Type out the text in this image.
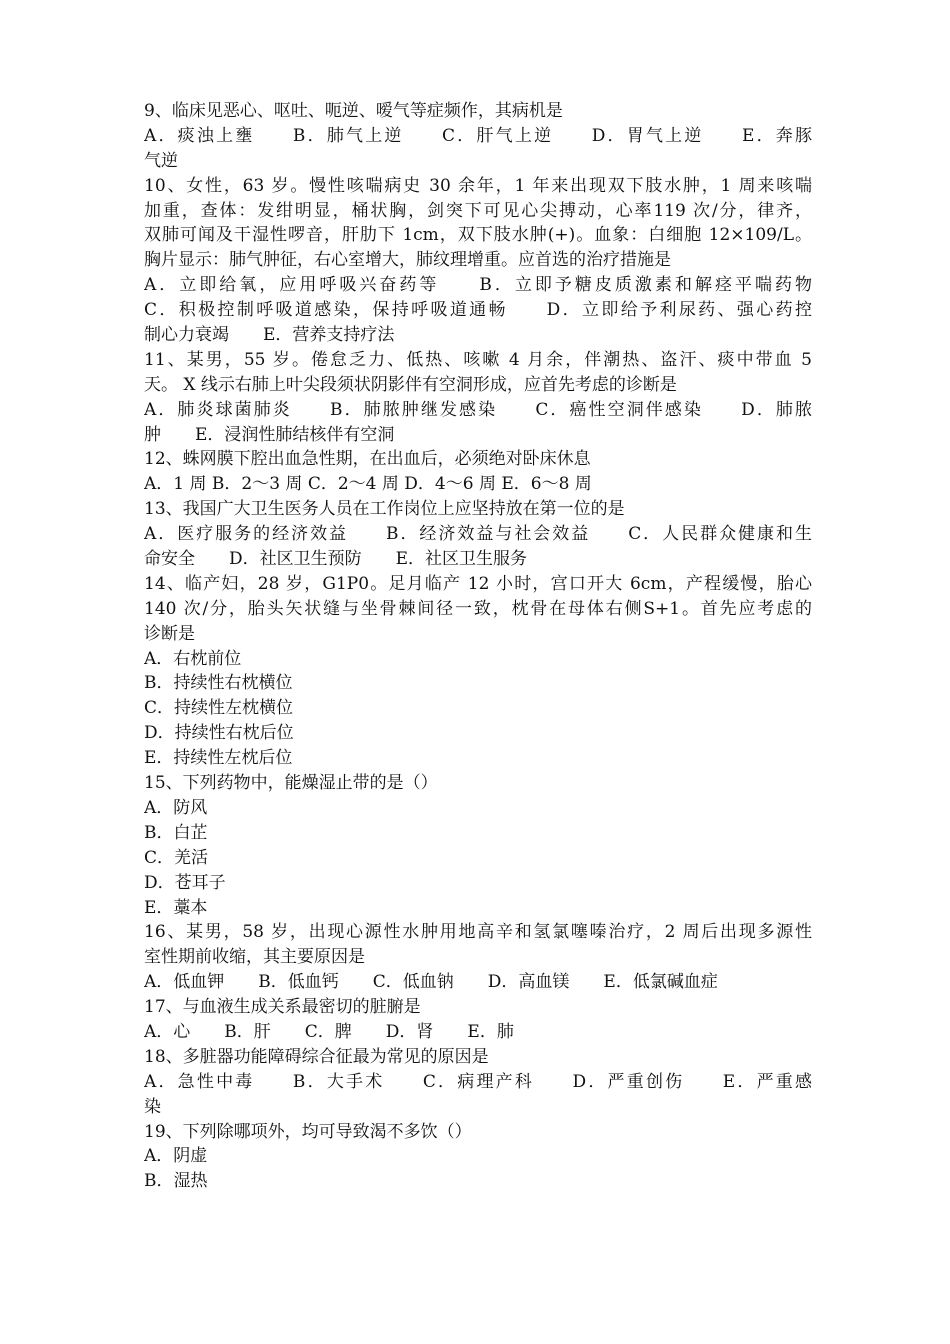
9、临床见恶心、呕吐、呃逆、嗳气等症频作，其病机是
A．痰浊上壅　　B．肺气上逆　　C．肝气上逆　　D．胃气上逆　　E．奔豚
气逆
10、女性，63 岁。慢性咳喘病史 30 余年，1 年来出现双下肢水肿，1 周来咳喘
加重，查体：发绀明显，桶状胸，剑突下可见心尖搏动，心率119 次/分，律齐，
双肺可闻及干湿性啰音，肝肋下 1cm，双下肢水肿(+)。血象：白细胞 12×109/L。
胸片显示：肺气肿征，右心室增大，肺纹理增重。应首选的治疗措施是
A．立即给氧，应用呼吸兴奋药等　　B．立即予糖皮质激素和解痉平喘药物
C．积极控制呼吸道感染，保持呼吸道通畅　　D．立即给予利尿药、强心药控
制心力衰竭　　E．营养支持疗法
11、某男，55 岁。倦怠乏力、低热、咳嗽 4 月余，伴潮热、盗汗、痰中带血 5
天。 X 线示右肺上叶尖段须状阴影伴有空洞形成，应首先考虑的诊断是
A．肺炎球菌肺炎　　B．肺脓肿继发感染　　C．癌性空洞伴感染　　D．肺脓
肿　　E．浸润性肺结核伴有空洞
12、蛛网膜下腔出血急性期，在出血后，必须绝对卧床休息
A．1 周 B．2～3 周 C．2～4 周 D．4～6 周 E．6～8 周
13、我国广大卫生医务人员在工作岗位上应坚持放在第一位的是
A．医疗服务的经济效益　　B．经济效益与社会效益　　C．人民群众健康和生
命安全　　D．社区卫生预防　　E．社区卫生服务
14、临产妇，28 岁，G1P0。足月临产 12 小时，宫口开大 6cm，产程缓慢，胎心
140 次/分，胎头矢状缝与坐骨棘间径一致，枕骨在母体右侧S+1。首先应考虑的
诊断是
A．右枕前位
B．持续性右枕横位
C．持续性左枕横位
D．持续性右枕后位
E．持续性左枕后位
15、下列药物中，能燥湿止带的是（）
A．防风
B．白芷
C．羌活
D．苍耳子
E．藁本
16、某男，58 岁，出现心源性水肿用地高辛和氢氯噻嗪治疗，2 周后出现多源性
室性期前收缩，其主要原因是
A．低血钾　　B．低血钙　　C．低血钠　　D．高血镁　　E．低氯碱血症
17、与血液生成关系最密切的脏腑是
A．心　　B．肝　　C．脾　　D．肾　　E．肺
18、多脏器功能障碍综合征最为常见的原因是
A．急性中毒　　B．大手术　　C．病理产科　　D．严重创伤　　E．严重感
染
19、下列除哪项外，均可导致渴不多饮（）
A．阴虚
B．湿热
